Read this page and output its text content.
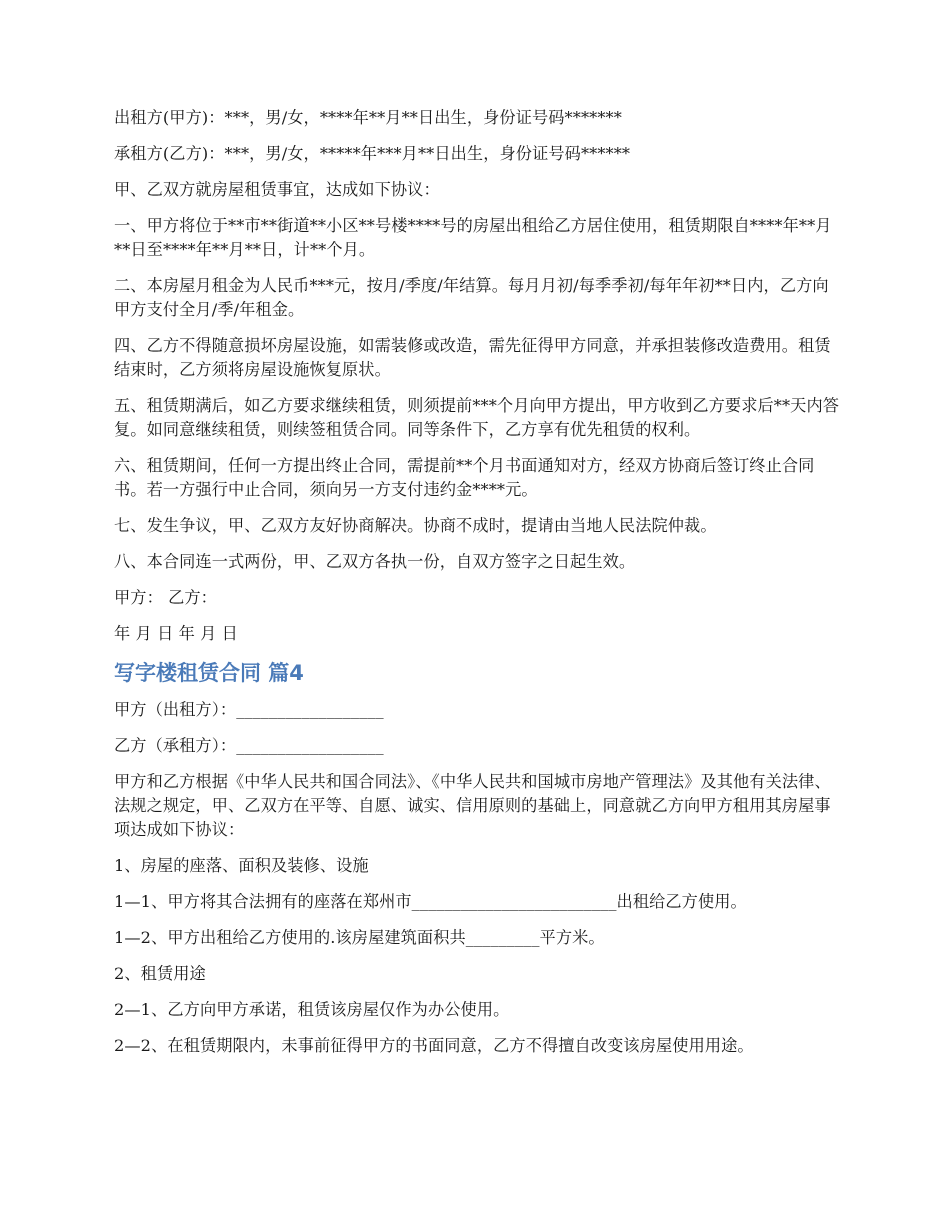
出租方(甲方)：***，男/女，****年**月**日出生，身份证号码*******

承租方(乙方)：***，男/女，*****年***月**日出生，身份证号码******

甲、乙双方就房屋租赁事宜，达成如下协议：

一、甲方将位于**市**街道**小区**号楼****号的房屋出租给乙方居住使用，租赁期限自****年**月**日至****年**月**日，计**个月。

二、本房屋月租金为人民币***元，按月/季度/年结算。每月月初/每季季初/每年年初**日内，乙方向甲方支付全月/季/年租金。

四、乙方不得随意损坏房屋设施，如需装修或改造，需先征得甲方同意，并承担装修改造费用。租赁结束时，乙方须将房屋设施恢复原状。

五、租赁期满后，如乙方要求继续租赁，则须提前***个月向甲方提出，甲方收到乙方要求后**天内答复。如同意继续租赁，则续签租赁合同。同等条件下，乙方享有优先租赁的权利。

六、租赁期间，任何一方提出终止合同，需提前**个月书面通知对方，经双方协商后签订终止合同书。若一方强行中止合同，须向另一方支付违约金****元。

七、发生争议，甲、乙双方友好协商解决。协商不成时，提请由当地人民法院仲裁。

八、本合同连一式两份，甲、乙双方各执一份，自双方签字之日起生效。

甲方： 乙方：

年 月 日 年 月 日

写字楼租赁合同 篇4

甲方（出租方）：__________________

乙方（承租方）：__________________

甲方和乙方根据《中华人民共和国合同法》、《中华人民共和国城市房地产管理法》及其他有关法律、法规之规定，甲、乙双方在平等、自愿、诚实、信用原则的基础上，同意就乙方向甲方租用其房屋事项达成如下协议：

1、房屋的座落、面积及装修、设施

1—1、甲方将其合法拥有的座落在郑州市_________________________出租给乙方使用。

1—2、甲方出租给乙方使用的.该房屋建筑面积共_________平方米。

2、租赁用途

2—1、乙方向甲方承诺，租赁该房屋仅作为办公使用。

2—2、在租赁期限内，未事前征得甲方的书面同意，乙方不得擅自改变该房屋使用用途。
